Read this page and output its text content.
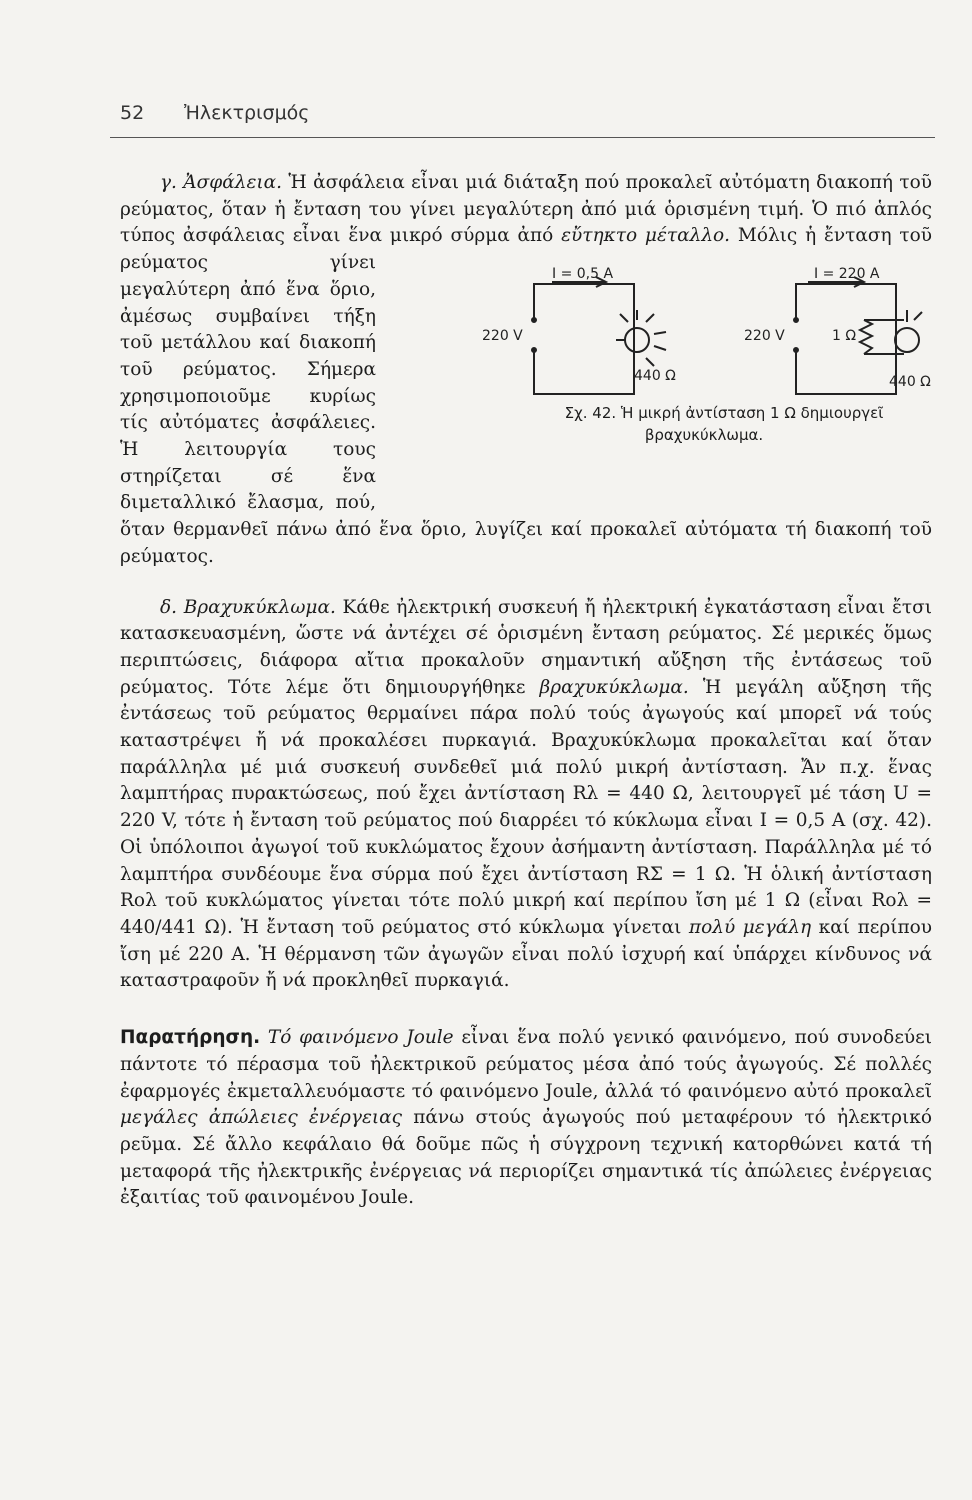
52 Ἠλεκτρισμός

γ. Ἀσφάλεια. Ἡ ἀσφάλεια εἶναι μιά διάταξη πού προκαλεῖ αὐτόματη διακοπή τοῦ ρεύματος, ὅταν ἡ ἔνταση του γίνει μεγαλύτερη ἀπό μιά ὁρισμένη τιμή. Ὁ πιό ἁπλός τύπος ἀσφάλειας εἶναι ἕνα μικρό σύρμα ἀπό εὔτηκτο μέταλλο.
I = 0,5 A
220 V
440 Ω
220 V	1 Ω
I = 220 A
440 Ω
Σχ. 42. Ἡ μικρή ἀντίσταση 1 Ω δημιουργεῖ βραχυκύκλωμα.
Μόλις ἡ ἔνταση τοῦ ρεύματος γίνει μεγαλύτερη ἀπό ἕνα ὅριο, ἀμέσως συμβαίνει τήξη τοῦ μετάλλου καί διακοπή τοῦ ρεύματος. Σήμερα χρησιμοποιοῦμε κυρίως τίς αὐτόματες ἀσφάλειες. Ἡ λειτουργία τους στηρίζεται σέ ἕνα διμεταλλικό ἔλασμα, πού, ὅταν θερμανθεῖ πάνω ἀπό ἕνα ὅριο, λυγίζει καί προκαλεῖ αὐτόματα τή διακοπή τοῦ ρεύματος.

δ. Βραχυκύκλωμα. Κάθε ἠλεκτρική συσκευή ἤ ἠλεκτρική ἐγκατάσταση εἶναι ἔτσι κατασκευασμένη, ὥστε νά ἀντέχει σέ ὁρισμένη ἔνταση ρεύματος. Σέ μερικές ὅμως περιπτώσεις, διάφορα αἴτια προκαλοῦν σημαντική αὔξηση τῆς ἐντάσεως τοῦ ρεύματος. Τότε λέμε ὅτι δημιουργήθηκε βραχυκύκλωμα. Ἡ μεγάλη αὔξηση τῆς ἐντάσεως τοῦ ρεύματος θερμαίνει πάρα πολύ τούς ἀγωγούς καί μπορεῖ νά τούς καταστρέψει ἤ νά προκαλέσει πυρκαγιά. Βραχυκύκλωμα προκαλεῖται καί ὅταν παράλληλα μέ μιά συσκευή συνδεθεῖ μιά πολύ μικρή ἀντίσταση. Ἄν π.χ. ἕνας λαμπτήρας πυρακτώσεως, πού ἔχει ἀντίσταση Rλ = 440 Ω, λειτουργεῖ μέ τάση U = 220 V, τότε ἡ ἔνταση τοῦ ρεύματος πού διαρρέει τό κύκλωμα εἶναι I = 0,5 A (σχ. 42). Οἱ ὑπόλοιποι ἀγωγοί τοῦ κυκλώματος ἔχουν ἀσήμαντη ἀντίσταση. Παράλληλα μέ τό λαμπτήρα συνδέουμε ἕνα σύρμα πού ἔχει ἀντίσταση RΣ = 1 Ω. Ἡ ὁλική ἀντίσταση Rολ τοῦ κυκλώματος γίνεται τότε πολύ μικρή καί περίπου ἴση μέ 1 Ω (εἶναι Rολ = 440/441 Ω). Ἡ ἔνταση τοῦ ρεύματος στό κύκλωμα γίνεται πολύ μεγάλη καί περίπου ἴση μέ 220 A. Ἡ θέρμανση τῶν ἀγωγῶν εἶναι πολύ ἰσχυρή καί ὑπάρχει κίνδυνος νά καταστραφοῦν ἤ νά προκληθεῖ πυρκαγιά.

Παρατήρηση. Τό φαινόμενο Joule εἶναι ἕνα πολύ γενικό φαινόμενο, πού συνοδεύει πάντοτε τό πέρασμα τοῦ ἠλεκτρικοῦ ρεύματος μέσα ἀπό τούς ἀγωγούς. Σέ πολλές ἐφαρμογές ἐκμεταλλευόμαστε τό φαινόμενο Joule, ἀλλά τό φαινόμενο αὐτό προκαλεῖ μεγάλες ἀπώλειες ἐνέργειας πάνω στούς ἀγωγούς πού μεταφέρουν τό ἠλεκτρικό ρεῦμα. Σέ ἄλλο κεφάλαιο θά δοῦμε πῶς ἡ σύγχρονη τεχνική κατορθώνει κατά τή μεταφορά τῆς ἠλεκτρικῆς ἐνέργειας νά περιορίζει σημαντικά τίς ἀπώλειες ἐνέργειας ἐξαιτίας τοῦ φαινομένου Joule.
